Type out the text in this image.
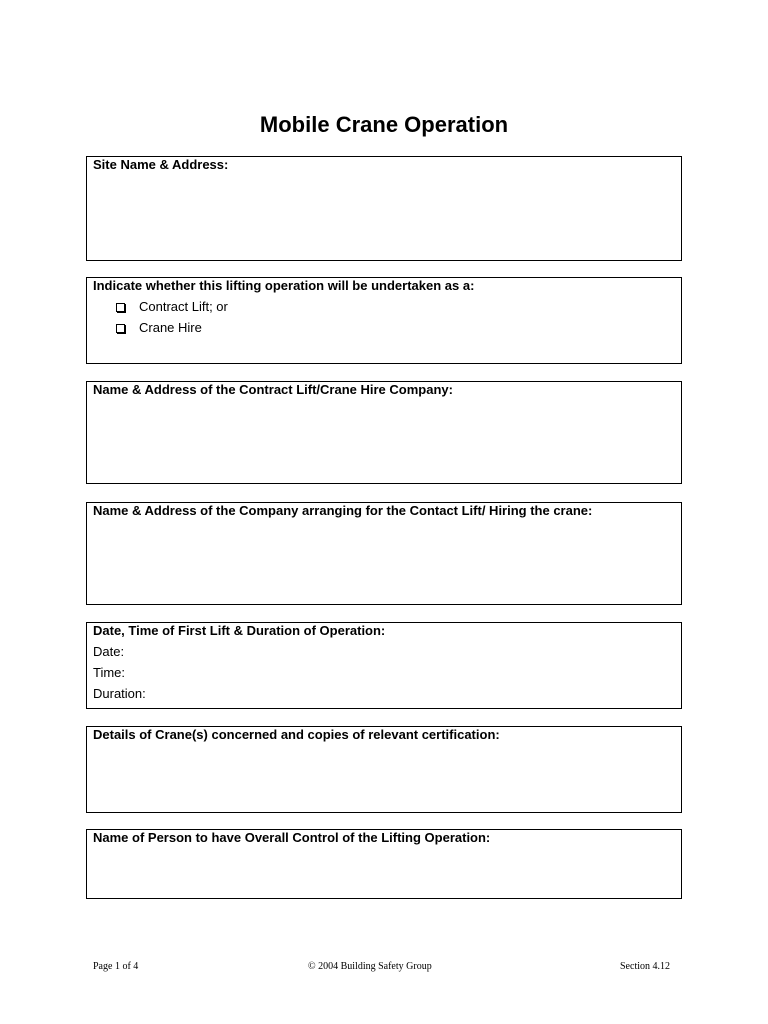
Mobile Crane Operation
Site Name & Address:
Indicate whether this lifting operation will be undertaken as a:
Contract Lift; or
Crane Hire
Name & Address of the Contract Lift/Crane Hire Company:
Name & Address of the Company arranging for the Contact Lift/ Hiring the crane:
Date, Time of First Lift & Duration of Operation:
Date:
Time:
Duration:
Details of Crane(s) concerned and copies of relevant certification:
Name of Person to have Overall Control of the Lifting Operation:
Page 1 of 4	© 2004 Building Safety Group	Section 4.12
